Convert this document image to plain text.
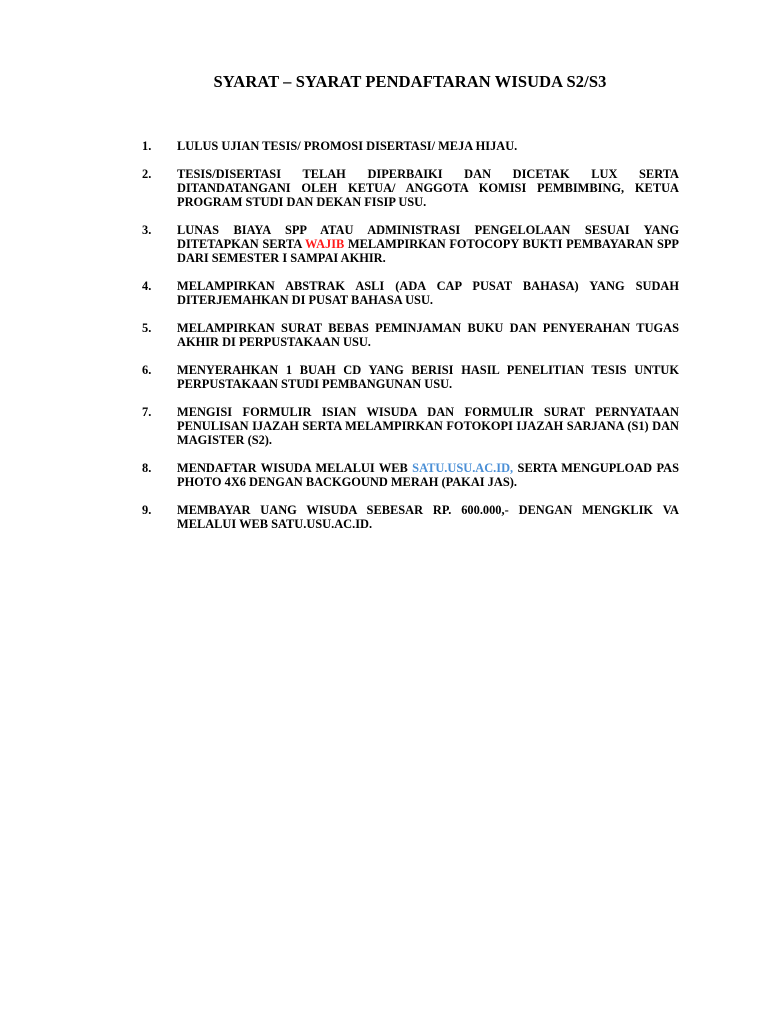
SYARAT – SYARAT PENDAFTARAN WISUDA S2/S3
1. LULUS UJIAN TESIS/ PROMOSI DISERTASI/ MEJA HIJAU.
2. TESIS/DISERTASI TELAH DIPERBAIKI DAN DICETAK LUX SERTA DITANDATANGANI OLEH KETUA/ ANGGOTA KOMISI PEMBIMBING, KETUA PROGRAM STUDI DAN DEKAN FISIP USU.
3. LUNAS BIAYA SPP ATAU ADMINISTRASI PENGELOLAAN SESUAI YANG DITETAPKAN SERTA WAJIB MELAMPIRKAN FOTOCOPY BUKTI PEMBAYARAN SPP DARI SEMESTER I SAMPAI AKHIR.
4. MELAMPIRKAN ABSTRAK ASLI (ADA CAP PUSAT BAHASA) YANG SUDAH DITERJEMAHKAN DI PUSAT BAHASA USU.
5. MELAMPIRKAN SURAT BEBAS PEMINJAMAN BUKU DAN PENYERAHAN TUGAS AKHIR DI PERPUSTAKAAN USU.
6. MENYERAHKAN 1 BUAH CD YANG BERISI HASIL PENELITIAN TESIS UNTUK PERPUSTAKAAN STUDI PEMBANGUNAN USU.
7. MENGISI FORMULIR ISIAN WISUDA DAN FORMULIR SURAT PERNYATAAN PENULISAN IJAZAH SERTA MELAMPIRKAN FOTOKOPI IJAZAH SARJANA (S1) DAN MAGISTER (S2).
8. MENDAFTAR WISUDA MELALUI WEB SATU.USU.AC.ID, SERTA MENGUPLOAD PAS PHOTO 4X6 DENGAN BACKGOUND MERAH (PAKAI JAS).
9. MEMBAYAR UANG WISUDA SEBESAR RP. 600.000,- DENGAN MENGKLIK VA MELALUI WEB SATU.USU.AC.ID.
